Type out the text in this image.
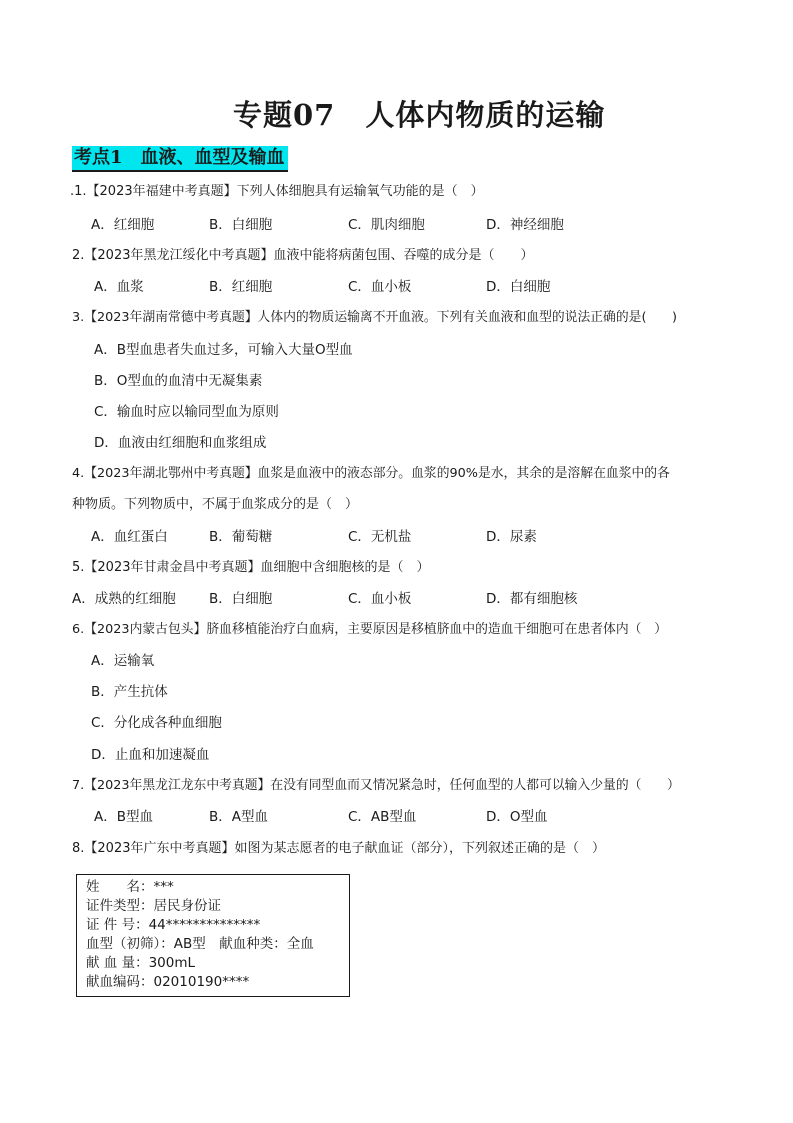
专题07　人体内物质的运输
考点1　血液、血型及输血
.1.【2023年福建中考真题】下列人体细胞具有运输氧气功能的是（　）
A．红细胞	B．白细胞	C．肌肉细胞	D．神经细胞
2.【2023年黑龙江绥化中考真题】血液中能将病菌包围、吞噬的成分是（　　）
A．血浆	B．红细胞	C．血小板	D．白细胞
3.【2023年湖南常德中考真题】人体内的物质运输离不开血液。下列有关血液和血型的说法正确的是(　　)
A．B型血患者失血过多，可输入大量O型血
B．O型血的血清中无凝集素
C．输血时应以输同型血为原则
D．血液由红细胞和血浆组成
4.【2023年湖北鄂州中考真题】血浆是血液中的液态部分。血浆的90%是水，其余的是溶解在血浆中的各
种物质。下列物质中，不属于血浆成分的是（　）
A．血红蛋白	B．葡萄糖	C．无机盐	D．尿素
5.【2023年甘肃金昌中考真题】血细胞中含细胞核的是（　）
A．成熟的红细胞 B．白细胞	C．血小板	D．都有细胞核
6.【2023内蒙古包头】脐血移植能治疗白血病，主要原因是移植脐血中的造血干细胞可在患者体内（　）
A．运输氧
B．产生抗体
C．分化成各种血细胞
D．止血和加速凝血
7.【2023年黑龙江龙东中考真题】在没有同型血而又情况紧急时，任何血型的人都可以输入少量的（　　）
A．B型血	B．A型血	C．AB型血	D．O型血
8.【2023年广东中考真题】如图为某志愿者的电子献血证（部分），下列叙述正确的是（　）
姓　　名：***
证件类型：居民身份证
证 件 号：44**************
血型（初筛）：AB型　献血种类：全血
献 血 量：300mL
献血编码：02010190****
